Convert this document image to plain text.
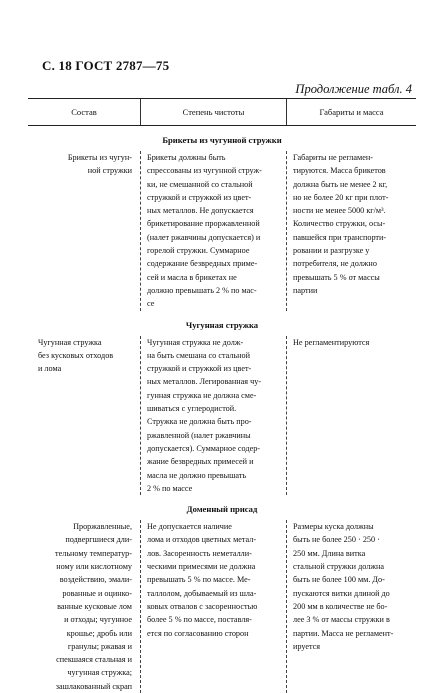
С. 18 ГОСТ 2787—75
Продолжение табл. 4
Состав	Степень чистоты	Габариты и масса
Брикеты из чугунной стружки
Брикеты из чугун-
ной стружки
Брикеты должны быть
спрессованы из чугунной струж-
ки, не смешанной со стальной
стружкой и стружкой из цвет-
ных металлов. Не допускается
брикетирование проржавленной
(налет ржавчины допускается) и
горелой стружки. Суммарное
содержание безвредных приме-
сей и масла в брикетах не
должно превышать 2 % по мас-
се
Габариты не регламен-
тируются. Масса брикетов
должна быть не менее 2 кг,
но не более 20 кг при плот-
ности не менее 5000 кг/м³.
Количество стружки, осы-
павшейся при транспорти-
ровании и разгрузке у
потребителя, не должно
превышать 5 % от массы
партии
Чугунная стружка
Чугунная стружка
без кусковых отходов
и лома
Чугунная стружка не долж-
на быть смешана со стальной
стружкой и стружкой из цвет-
ных металлов. Легированная чу-
гунная стружка не должна сме-
шиваться с углеродистой.
Стружка не должна быть про-
ржавленной (налет ржавчины
допускается). Суммарное содер-
жание безвредных примесей и
масла не должно превышать
2 % по массе
Не регламентируются
Доменный присад
Проржавленные,
подвергшиеся дли-
тельному температур-
ному или кислотному
воздействию, эмали-
рованные и оцинко-
ванные кусковые лом
и отходы; чугунное
крошье; дробь или
гранулы; ржавая и
спекшаяся стальная и
чугунная стружка;
зашлакованный скрап
Не допускается наличие
лома и отходов цветных метал-
лов. Засоренность неметалли-
ческими примесями не должна
превышать 5 % по массе. Ме-
таллолом, добываемый из шла-
ковых отвалов с засоренностью
более 5 % по массе, поставля-
ется по согласованию сторон
Размеры куска должны
быть не более 250 ⋅ 250 ⋅
250 мм. Длина витка
стальной стружки должна
быть не более 100 мм. До-
пускаются витки длиной до
200 мм в количестве не бо-
лее 3 % от массы стружки в
партии. Масса не регламент-
ируется
